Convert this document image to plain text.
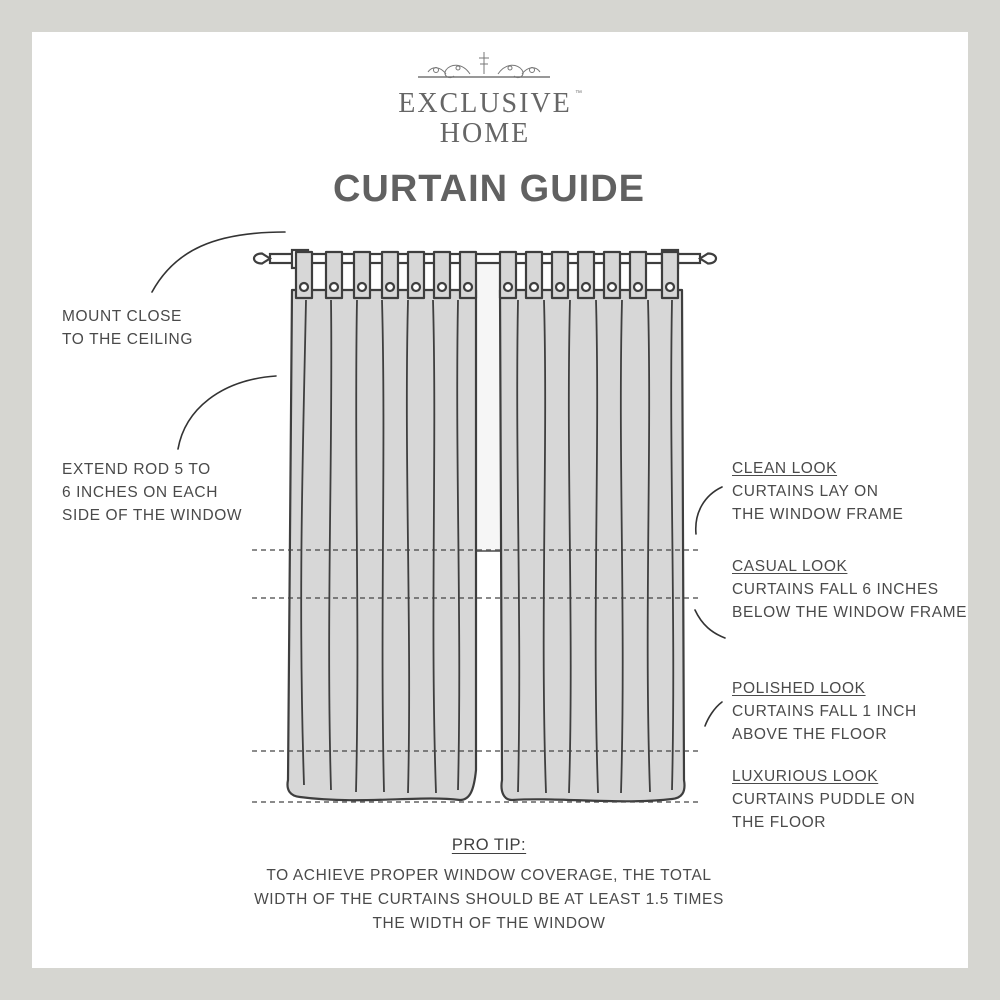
EXCLUSIVE ™
HOME
CURTAIN GUIDE
MOUNT CLOSE
TO THE CEILING
EXTEND ROD 5 TO
6 INCHES ON EACH
SIDE OF THE WINDOW
CLEAN LOOK
CURTAINS LAY ON
THE WINDOW FRAME
CASUAL LOOK
CURTAINS FALL 6 INCHES
BELOW THE WINDOW FRAME
POLISHED LOOK
CURTAINS FALL 1 INCH
ABOVE THE FLOOR
LUXURIOUS LOOK
CURTAINS PUDDLE ON
THE FLOOR
PRO TIP:
TO ACHIEVE PROPER WINDOW COVERAGE, THE TOTAL
WIDTH OF THE CURTAINS SHOULD BE AT LEAST 1.5 TIMES
THE WIDTH OF THE WINDOW
